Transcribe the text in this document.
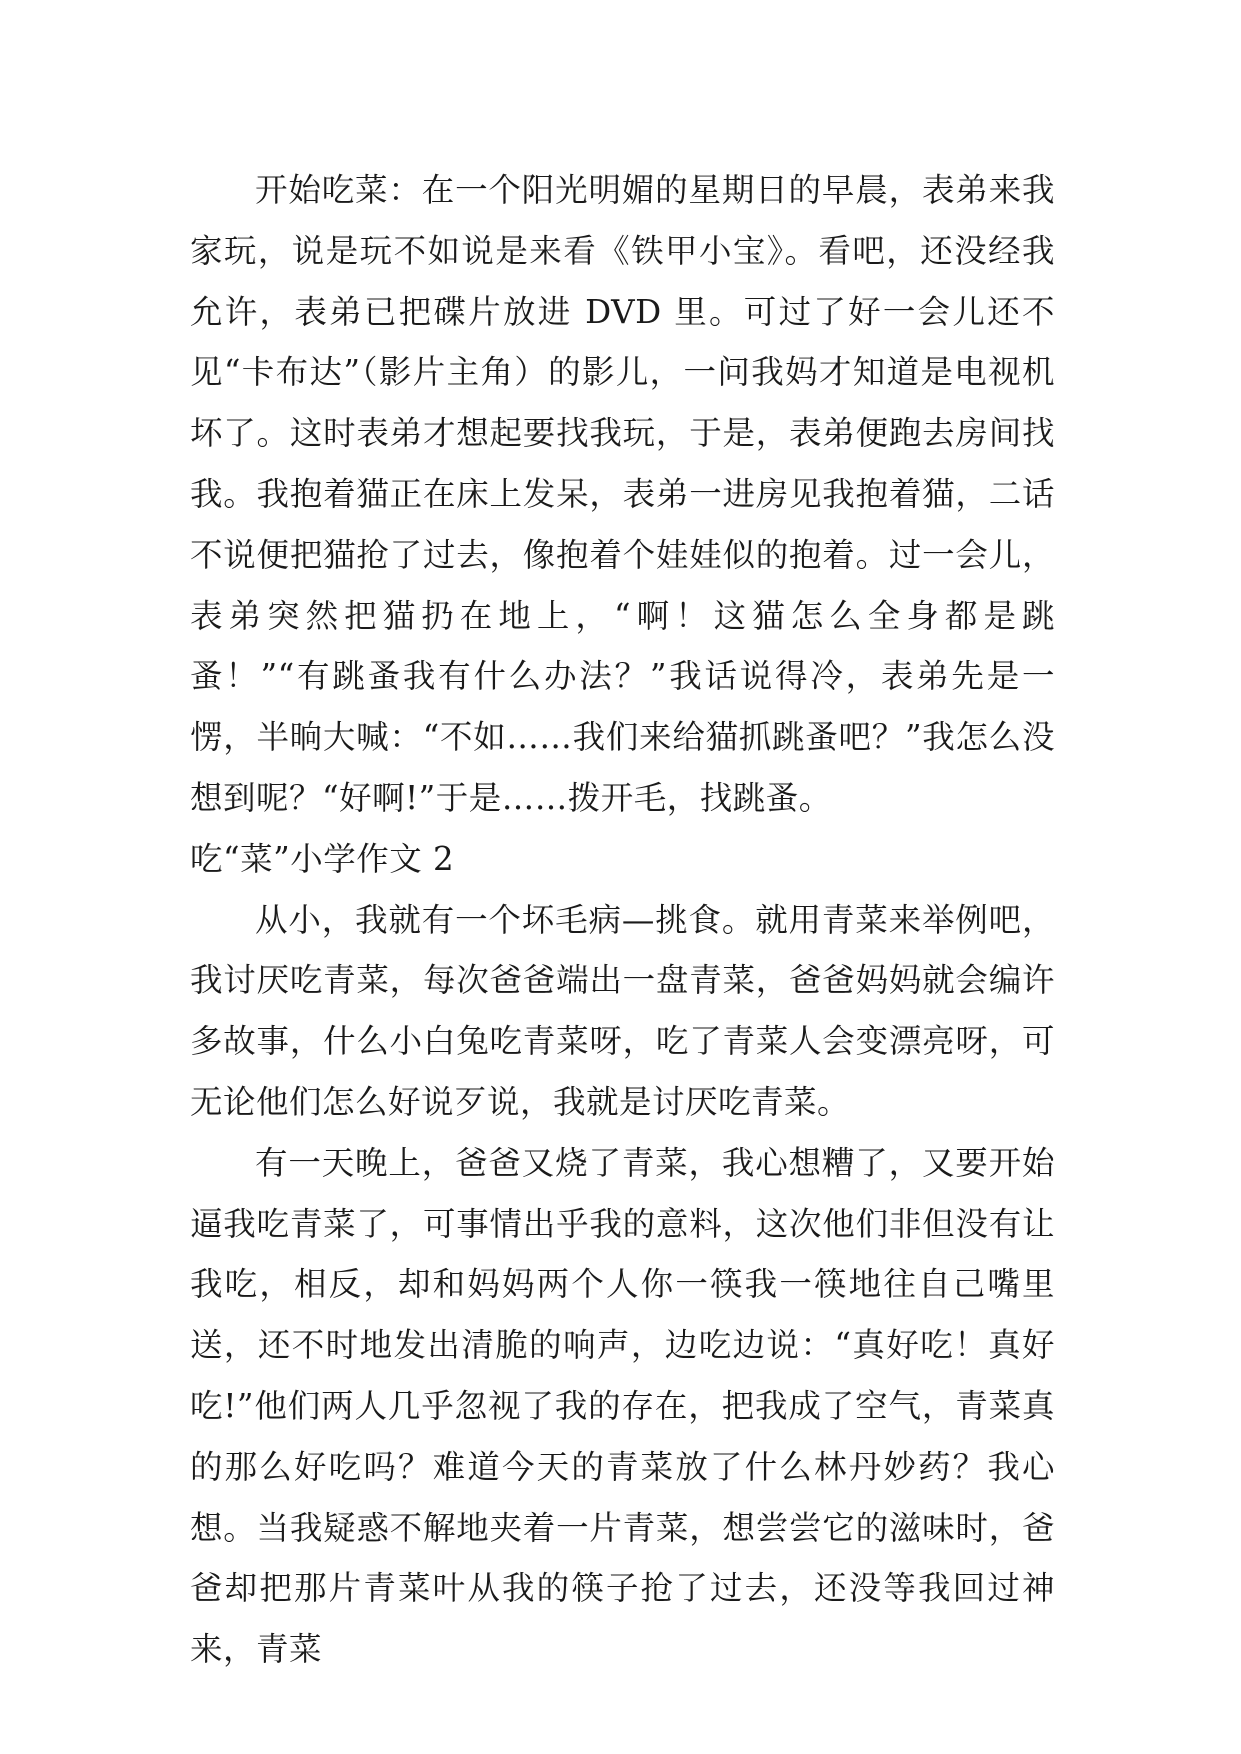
开始吃菜：在一个阳光明媚的星期日的早晨，表弟来我家玩，说是玩不如说是来看《铁甲小宝》。看吧，还没经我允许，表弟已把碟片放进 DVD 里。可过了好一会儿还不见“卡布达”（影片主角）的影儿，一问我妈才知道是电视机坏了。这时表弟才想起要找我玩，于是，表弟便跑去房间找我。我抱着猫正在床上发呆，表弟一进房见我抱着猫，二话不说便把猫抢了过去，像抱着个娃娃似的抱着。过一会儿，表弟突然把猫扔在地上，“啊！这猫怎么全身都是跳蚤！”“有跳蚤我有什么办法？”我话说得冷，表弟先是一愣，半晌大喊：“不如……我们来给猫抓跳蚤吧？”我怎么没想到呢？“好啊!”于是……拨开毛，找跳蚤。

吃“菜”小学作文 2

从小，我就有一个坏毛病—挑食。就用青菜来举例吧，我讨厌吃青菜，每次爸爸端出一盘青菜，爸爸妈妈就会编许多故事，什么小白兔吃青菜呀，吃了青菜人会变漂亮呀，可无论他们怎么好说歹说，我就是讨厌吃青菜。

有一天晚上，爸爸又烧了青菜，我心想糟了，又要开始逼我吃青菜了，可事情出乎我的意料，这次他们非但没有让我吃，相反，却和妈妈两个人你一筷我一筷地往自己嘴里送，还不时地发出清脆的响声，边吃边说：“真好吃！真好吃!”他们两人几乎忽视了我的存在，把我成了空气，青菜真的那么好吃吗？难道今天的青菜放了什么林丹妙药？我心想。当我疑惑不解地夹着一片青菜，想尝尝它的滋味时，爸爸却把那片青菜叶从我的筷子抢了过去，还没等我回过神来，青菜
